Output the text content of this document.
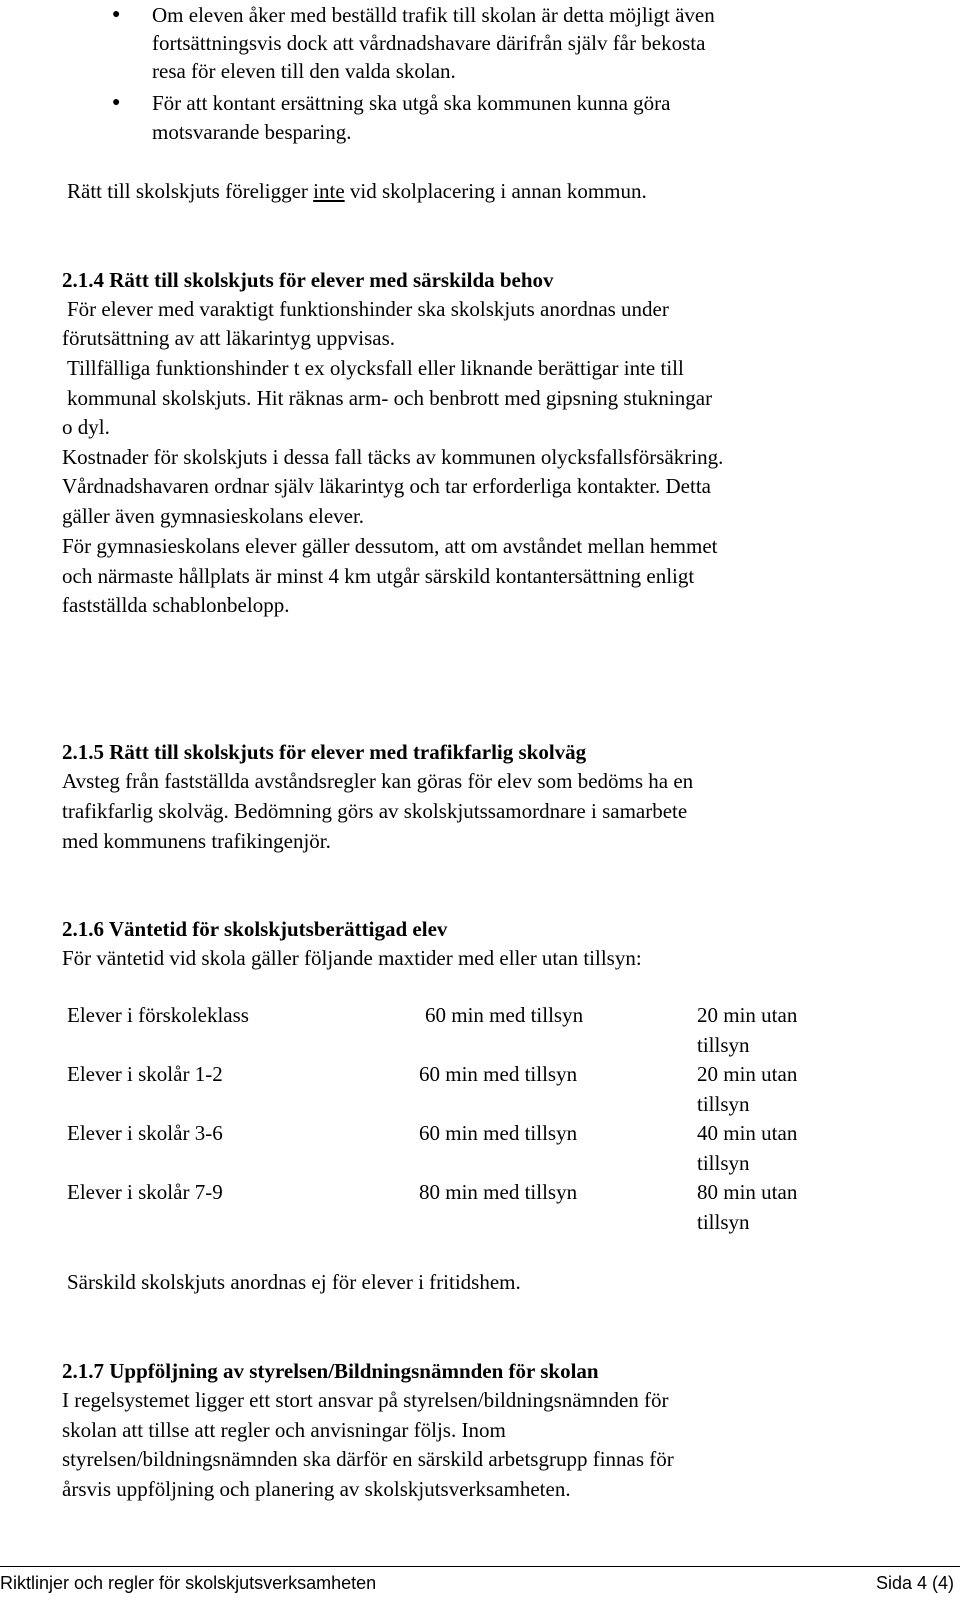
● Om eleven åker med beställd trafik till skolan är detta möjligt även
fortsättningsvis dock att vårdnadshavare därifrån själv får bekosta
resa för eleven till den valda skolan.
● För att kontant ersättning ska utgå ska kommunen kunna göra
motsvarande besparing.
Rätt till skolskjuts föreligger inte vid skolplacering i annan kommun.
2.1.4 Rätt till skolskjuts för elever med särskilda behov
För elever med varaktigt funktionshinder ska skolskjuts anordnas under
förutsättning av att läkarintyg uppvisas.
Tillfälliga funktionshinder t ex olycksfall eller liknande berättigar inte till
kommunal skolskjuts. Hit räknas arm- och benbrott med gipsning stukningar
o dyl.
Kostnader för skolskjuts i dessa fall täcks av kommunen olycksfallsförsäkring.
Vårdnadshavaren ordnar själv läkarintyg och tar erforderliga kontakter. Detta
gäller även gymnasieskolans elever.
För gymnasieskolans elever gäller dessutom, att om avståndet mellan hemmet
och närmaste hållplats är minst 4 km utgår särskild kontantersättning enligt
fastställda schablonbelopp.
2.1.5 Rätt till skolskjuts för elever med trafikfarlig skolväg
Avsteg från fastställda avståndsregler kan göras för elev som bedöms ha en
trafikfarlig skolväg. Bedömning görs av skolskjutssamordnare i samarbete
med kommunens trafikingenjör.
2.1.6 Väntetid för skolskjutsberättigad elev
För väntetid vid skola gäller följande maxtider med eller utan tillsyn:
Elever i förskoleklass	60 min med tillsyn	20 min utan tillsyn
Elever i skolår 1-2	60 min med tillsyn	20 min utan tillsyn
Elever i skolår 3-6	60 min med tillsyn	40 min utan tillsyn
Elever i skolår 7-9	80 min med tillsyn	80 min utan tillsyn
Särskild skolskjuts anordnas ej för elever i fritidshem.
2.1.7 Uppföljning av styrelsen/Bildningsnämnden för skolan
I regelsystemet ligger ett stort ansvar på styrelsen/bildningsnämnden för
skolan att tillse att regler och anvisningar följs. Inom
styrelsen/bildningsnämnden ska därför en särskild arbetsgrupp finnas för
årsvis uppföljning och planering av skolskjutsverksamheten.
Riktlinjer och regler för skolskjutsverksamheten	Sida 4 (4)
